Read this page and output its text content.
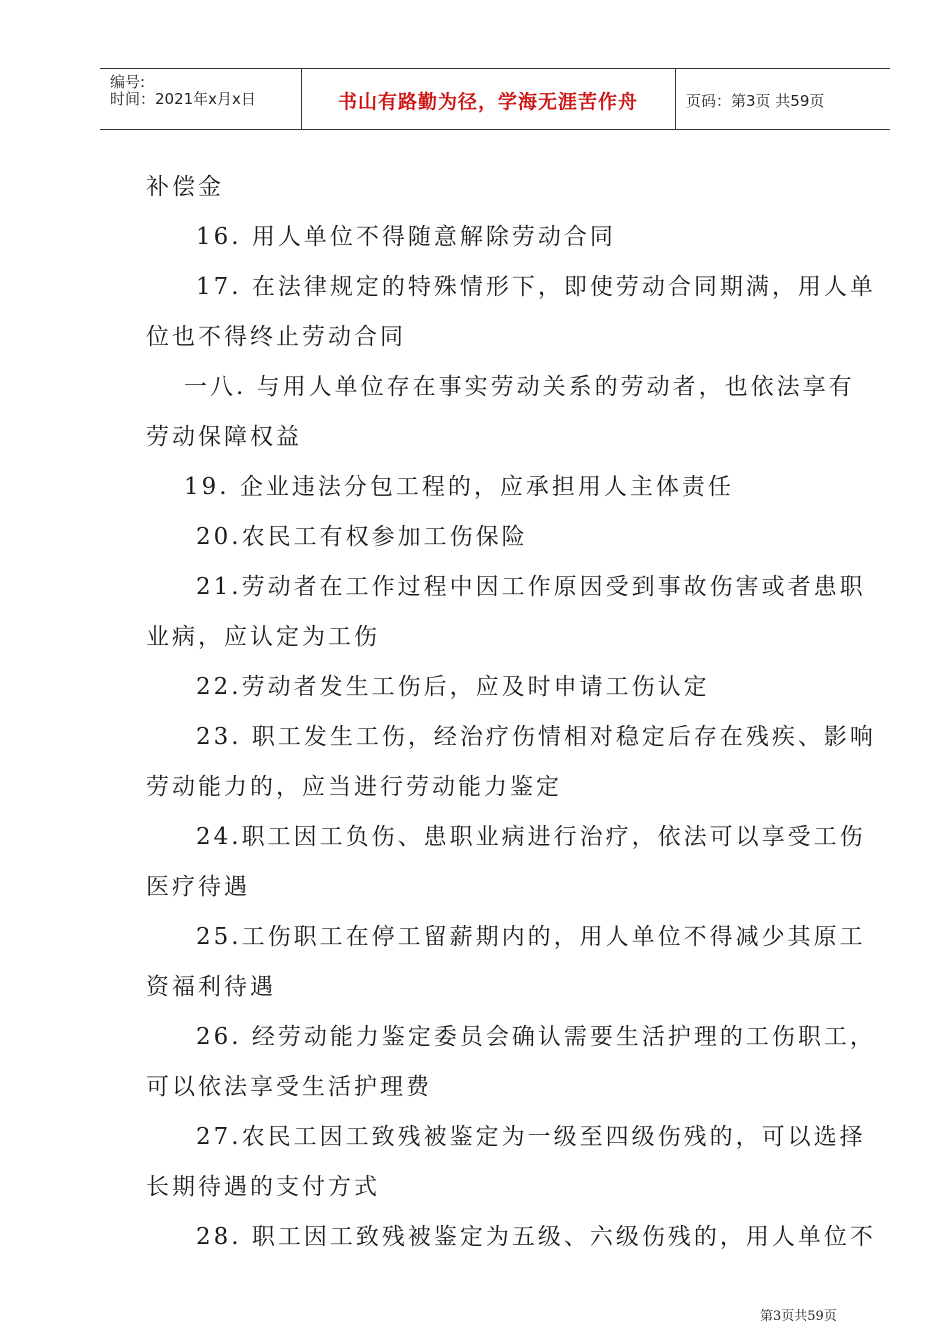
编号:
时间：2021年x月x日	书山有路勤为径，学海无涯苦作舟	页码：第3页 共59页
补偿金
16. 用人单位不得随意解除劳动合同
17. 在法律规定的特殊情形下，即使劳动合同期满，用人单
位也不得终止劳动合同
一八. 与用人单位存在事实劳动关系的劳动者，也依法享有
劳动保障权益
19. 企业违法分包工程的，应承担用人主体责任
20.农民工有权参加工伤保险
21.劳动者在工作过程中因工作原因受到事故伤害或者患职
业病，应认定为工伤
22.劳动者发生工伤后，应及时申请工伤认定
23. 职工发生工伤，经治疗伤情相对稳定后存在残疾、影响
劳动能力的，应当进行劳动能力鉴定
24.职工因工负伤、患职业病进行治疗，依法可以享受工伤
医疗待遇
25.工伤职工在停工留薪期内的，用人单位不得减少其原工
资福利待遇
26. 经劳动能力鉴定委员会确认需要生活护理的工伤职工，
可以依法享受生活护理费
27.农民工因工致残被鉴定为一级至四级伤残的，可以选择
长期待遇的支付方式
28. 职工因工致残被鉴定为五级、六级伤残的，用人单位不
第3页共59页
